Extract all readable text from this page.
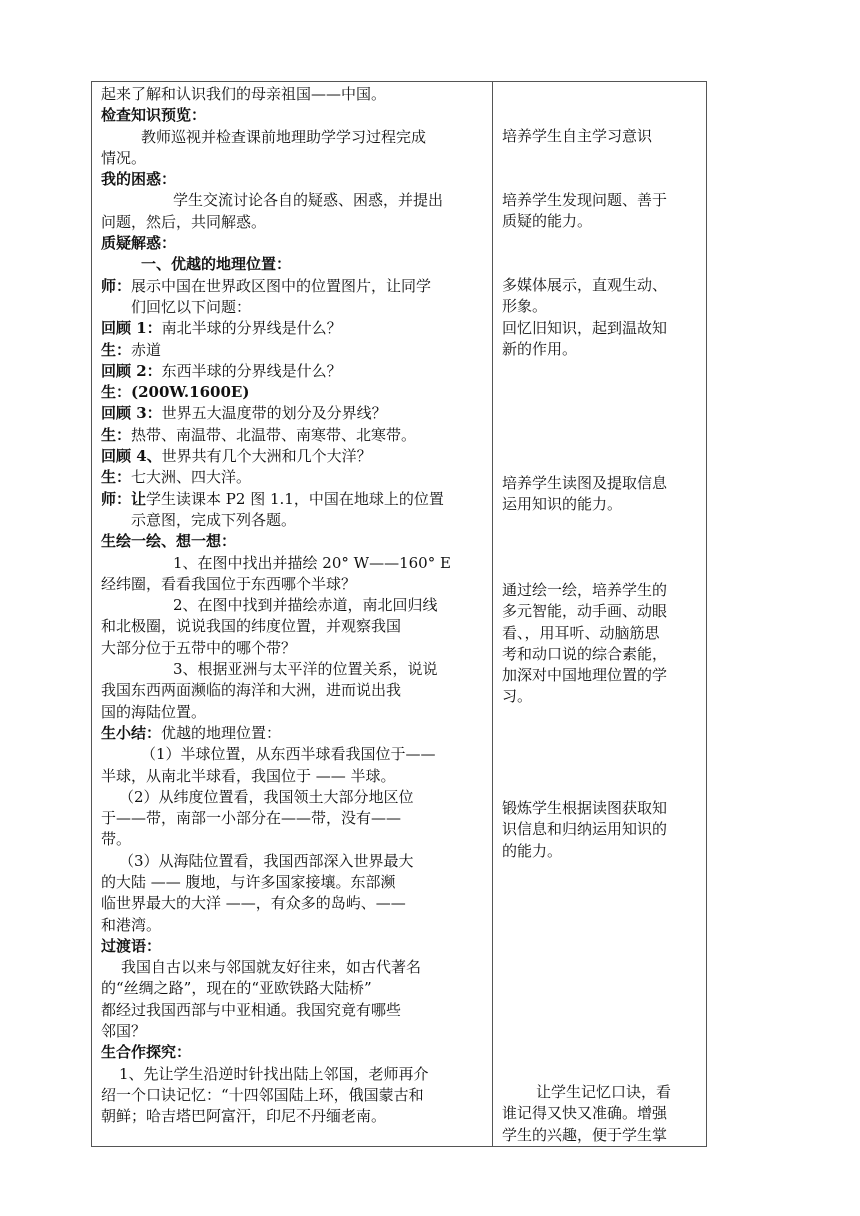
起来了解和认识我们的母亲祖国——中国。
检查知识预览：
教师巡视并检查课前地理助学学习过程完成
情况。
我的困惑：
学生交流讨论各自的疑惑、困惑，并提出
问题，然后，共同解惑。
质疑解惑：
一、优越的地理位置：
师：展示中国在世界政区图中的位置图片，让同学
们回忆以下问题：
回顾 1：南北半球的分界线是什么？
生：赤道
回顾 2：东西半球的分界线是什么？
生：(200W.1600E)
回顾 3：世界五大温度带的划分及分界线？
生：热带、南温带、北温带、南寒带、北寒带。
回顾 4、世界共有几个大洲和几个大洋？
生：七大洲、四大洋。
师：让学生读课本 P2 图 1.1，中国在地球上的位置
示意图，完成下列各题。
生绘一绘、想一想：
1、在图中找出并描绘 20° W——160° E
经纬圈，看看我国位于东西哪个半球？
2、在图中找到并描绘赤道，南北回归线
和北极圈，说说我国的纬度位置，并观察我国
大部分位于五带中的哪个带？
3、根据亚洲与太平洋的位置关系，说说
我国东西两面濒临的海洋和大洲，进而说出我
国的海陆位置。
生小结：优越的地理位置：
（1）半球位置，从东西半球看我国位于——
半球，从南北半球看，我国位于 —— 半球。
（2）从纬度位置看，我国领土大部分地区位
于——带，南部一小部分在——带，没有——
带。
（3）从海陆位置看，我国西部深入世界最大
的大陆 —— 腹地，与许多国家接壤。东部濒
临世界最大的大洋 ——，有众多的岛屿、——
和港湾。
过渡语：
我国自古以来与邻国就友好往来，如古代著名
的“丝绸之路”，现在的“亚欧铁路大陆桥”
都经过我国西部与中亚相通。我国究竟有哪些
邻国？
生合作探究：
1、先让学生沿逆时针找出陆上邻国，老师再介
绍一个口诀记忆：“十四邻国陆上环，俄国蒙古和
朝鲜；哈吉塔巴阿富汗，印尼不丹缅老南。
培养学生自主学习意识
培养学生发现问题、善于
质疑的能力。
多媒体展示，直观生动、
形象。
回忆旧知识，起到温故知
新的作用。
培养学生读图及提取信息
运用知识的能力。
通过绘一绘，培养学生的
多元智能，动手画、动眼
看、，用耳听、动脑筋思
考和动口说的综合素能，
加深对中国地理位置的学
习。
锻炼学生根据读图获取知
识信息和归纳运用知识的
的能力。
让学生记忆口诀，看
谁记得又快又准确。增强
学生的兴趣，便于学生掌
